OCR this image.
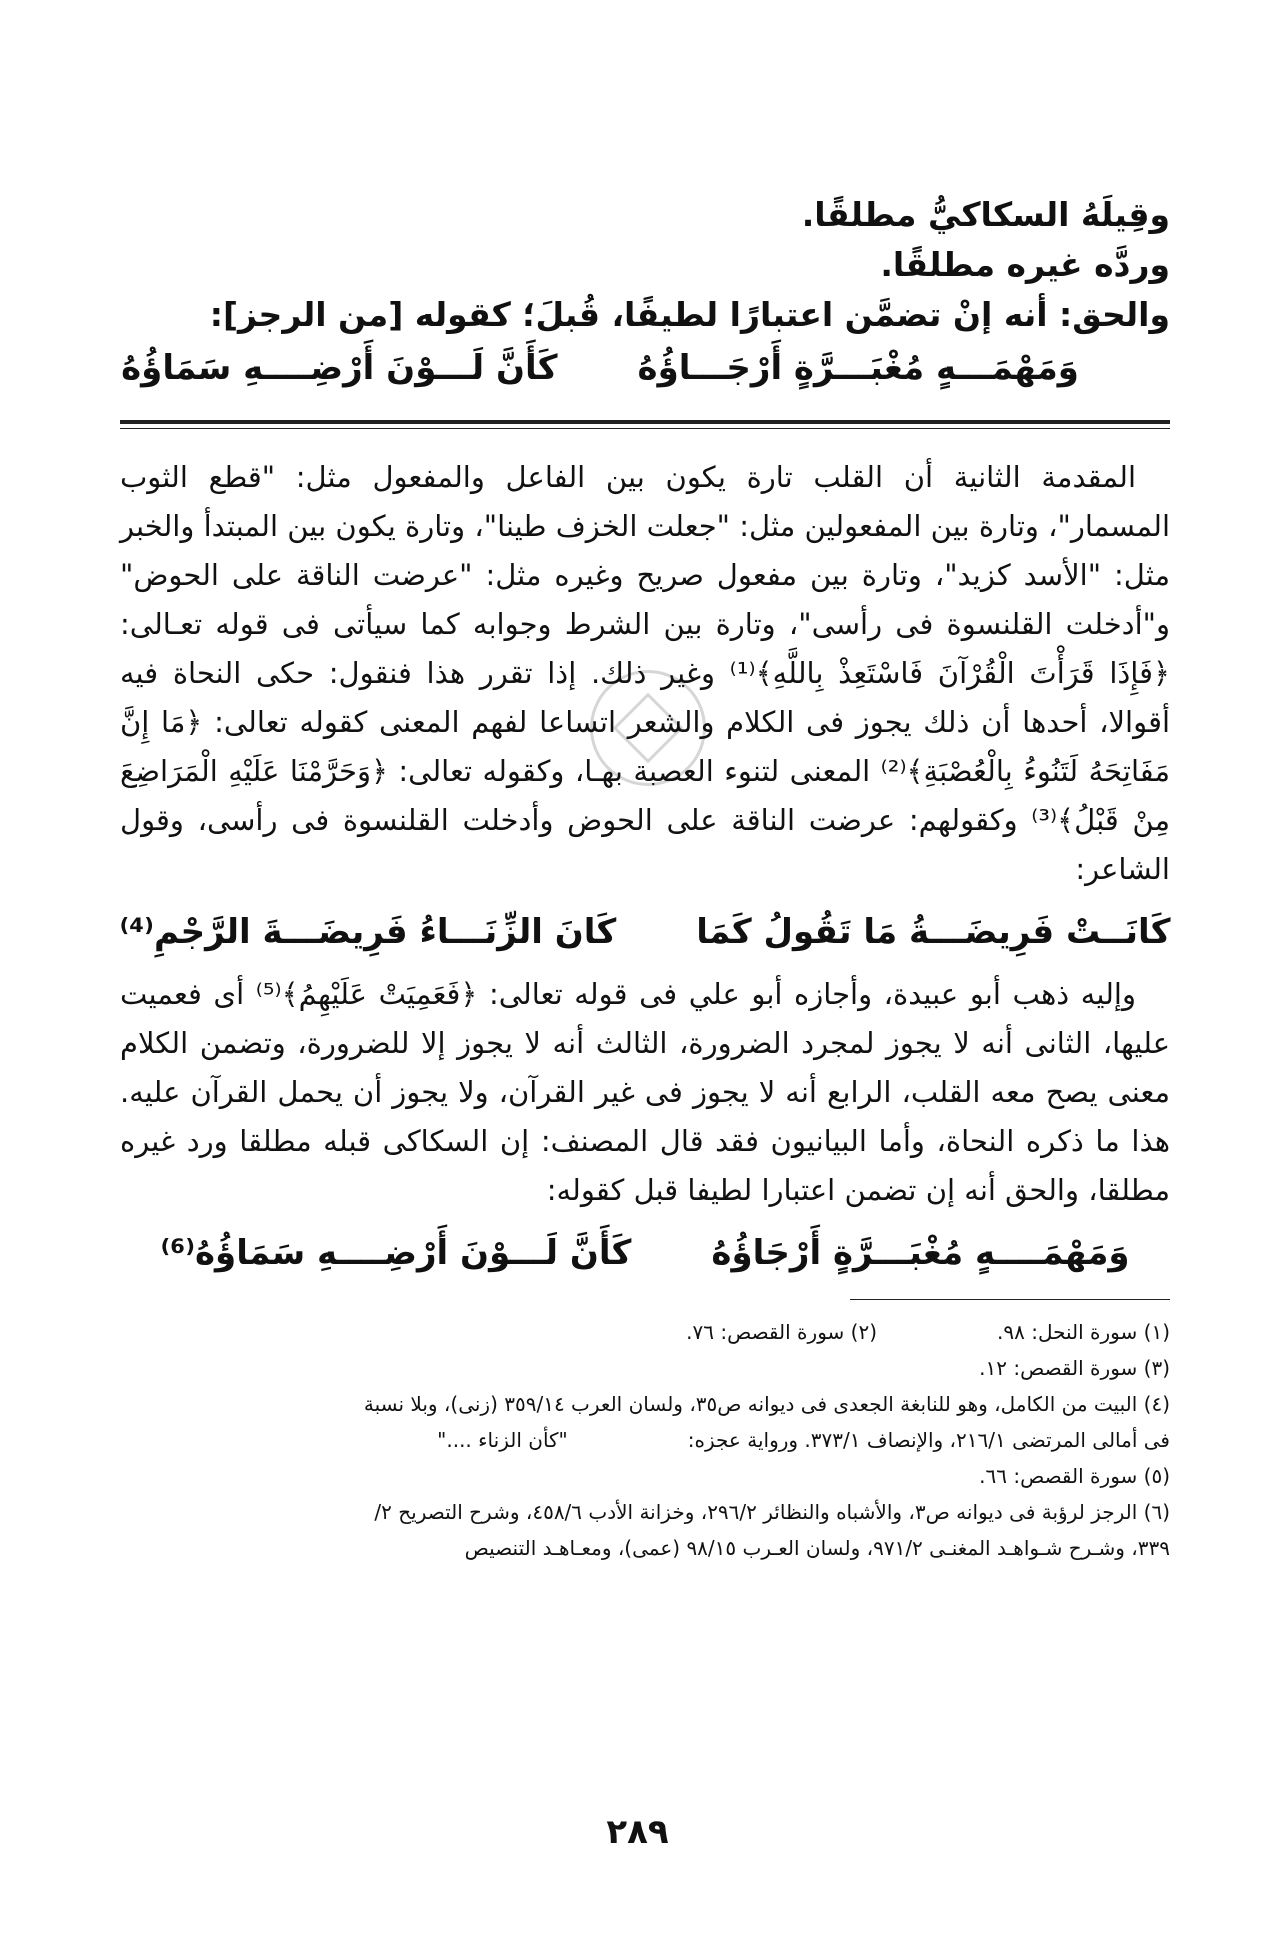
وقِيلَهُ السكاكيُّ مطلقًا.
وردَّه غيره مطلقًا.
والحق: أنه إنْ تضمَّن اعتبارًا لطيفًا، قُبلَ؛ كقوله [من الرجز]:
وَمَهْمَـــهٍ مُغْبَـــرَّةٍ أَرْجَـــاؤُهُ
كَأَنَّ لَـــوْنَ أَرْضِــــهِ سَمَاؤُهُ

المقدمة الثانية أن القلب تارة يكون بين الفاعل والمفعول مثل: "قطع الثوب المسمار"، وتارة بين المفعولين مثل: "جعلت الخزف طينا"، وتارة يكون بين المبتدأ والخبر مثل: "الأسد كزيد"، وتارة بين مفعول صريح وغيره مثل: "عرضت الناقة على الحوض" و"أدخلت القلنسوة فى رأسى"، وتارة بين الشرط وجوابه كما سيأتى فى قوله تعـالى: ﴿فَإِذَا قَرَأْتَ الْقُرْآنَ فَاسْتَعِذْ بِاللَّهِ﴾⁽¹⁾ وغير ذلك. إذا تقرر هذا فنقول: حكى النحاة فيه أقوالا، أحدها أن ذلك يجوز فى الكلام والشعر اتساعا لفهم المعنى كقوله تعالى: ﴿مَا إِنَّ مَفَاتِحَهُ لَتَنُوءُ بِالْعُصْبَةِ﴾⁽²⁾ المعنى لتنوء العصبة بهـا، وكقوله تعالى: ﴿وَحَرَّمْنَا عَلَيْهِ الْمَرَاضِعَ مِنْ قَبْلُ﴾⁽³⁾ وكقولهم: عرضت الناقة على الحوض وأدخلت القلنسوة فى رأسى، وقول الشاعر:

كَانَــتْ فَرِيضَـــةُ مَا تَقُولُ كَمَا
كَانَ الزِّنَـــاءُ فَرِيضَـــةَ الرَّجْمِ⁽⁴⁾

وإليه ذهب أبو عبيدة، وأجازه أبو علي فى قوله تعالى: ﴿فَعَمِيَتْ عَلَيْهِمُ﴾⁽⁵⁾ أى فعميت عليها، الثانى أنه لا يجوز لمجرد الضرورة، الثالث أنه لا يجوز إلا للضرورة، وتضمن الكلام معنى يصح معه القلب، الرابع أنه لا يجوز فى غير القرآن، ولا يجوز أن يحمل القرآن عليه. هذا ما ذكره النحاة، وأما البيانيون فقد قال المصنف: إن السكاكى قبله مطلقا ورد غيره مطلقا، والحق أنه إن تضمن اعتبارا لطيفا قبل كقوله:

وَمَهْمَــــهٍ مُغْبَـــرَّةٍ أَرْجَاؤُهُ
كَأَنَّ لَـــوْنَ أَرْضِــــهِ سَمَاؤُهُ⁽⁶⁾
(١) سورة النحل: ٩٨.
(٢) سورة القصص: ٧٦.
(٣) سورة القصص: ١٢.
(٤) البيت من الكامل، وهو للنابغة الجعدى فى ديوانه ص٣٥، ولسان العرب ٣٥٩/١٤ (زنى)، وبلا نسبة
فى أمالى المرتضى ٢١٦/١، والإنصاف ٣٧٣/١. ورواية عجزه:
"كأن الزناء ...."
(٥) سورة القصص: ٦٦.
(٦) الرجز لرؤبة فى ديوانه ص٣، والأشباه والنظائر ٢٩٦/٢، وخزانة الأدب ٤٥٨/٦، وشرح التصريح ٢/
٣٣٩، وشـرح شـواهـد المغنـى ٩٧١/٢، ولسان العـرب ٩٨/١٥ (عمى)، ومعـاهـد التنصيص
٢٨٩
